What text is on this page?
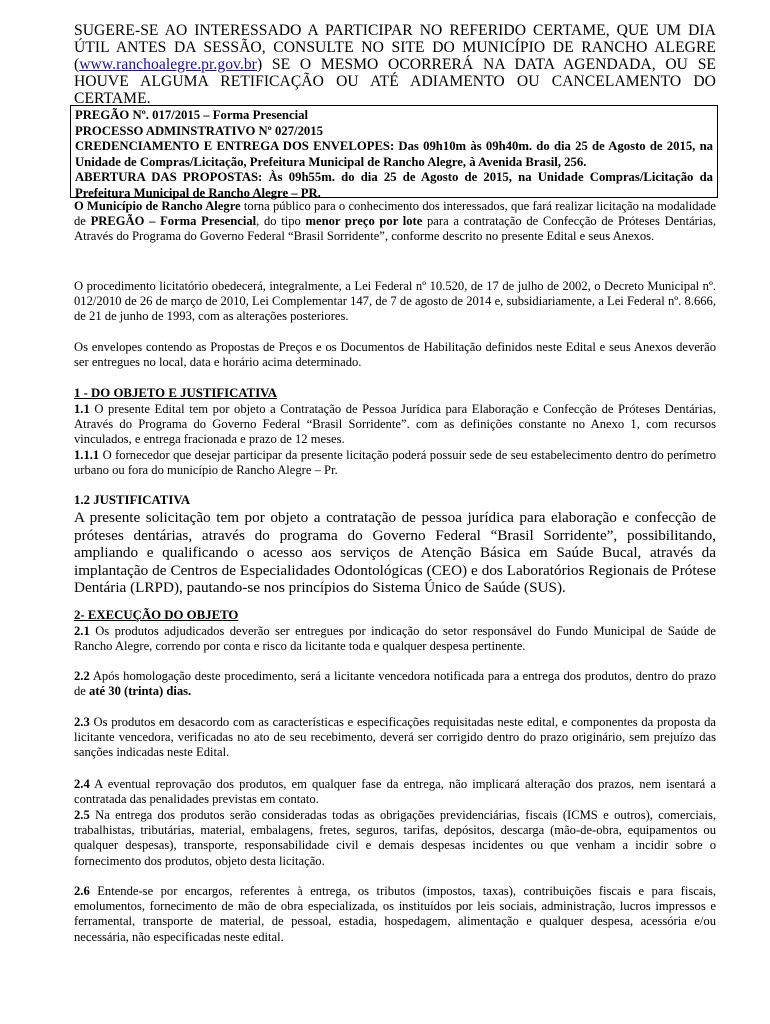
SUGERE-SE AO INTERESSADO A PARTICIPAR NO REFERIDO CERTAME, QUE UM DIA ÚTIL ANTES DA SESSÃO, CONSULTE NO SITE DO MUNICÍPIO DE RANCHO ALEGRE (www.ranchoalegre.pr.gov.br) SE O MESMO OCORRERÁ NA DATA AGENDADA, OU SE HOUVE ALGUMA RETIFICAÇÃO OU ATÉ ADIAMENTO OU CANCELAMENTO DO CERTAME.
PREGÃO Nº. 017/2015 – Forma Presencial
PROCESSO ADMINSTRATIVO Nº 027/2015
CREDENCIAMENTO E ENTREGA DOS ENVELOPES: Das 09h10m às 09h40m. do dia 25 de Agosto de 2015, na Unidade de Compras/Licitação, Prefeitura Municipal de Rancho Alegre, à Avenida Brasil, 256.
ABERTURA DAS PROPOSTAS: Às 09h55m. do dia 25 de Agosto de 2015, na Unidade Compras/Licitação da Prefeitura Municipal de Rancho Alegre – PR.
O Município de Rancho Alegre torna público para o conhecimento dos interessados, que fará realizar licitação na modalidade de PREGÃO – Forma Presencial, do tipo menor preço por lote para a contratação de Confecção de Próteses Dentárias, Através do Programa do Governo Federal “Brasil Sorridente”, conforme descrito no presente Edital e seus Anexos.
O procedimento licitatório obedecerá, integralmente, a Lei Federal nº 10.520, de 17 de julho de 2002, o Decreto Municipal nº. 012/2010 de 26 de março de 2010, Lei Complementar 147, de 7 de agosto de 2014 e, subsidiariamente, a Lei Federal nº. 8.666, de 21 de junho de 1993, com as alterações posteriores.
Os envelopes contendo as Propostas de Preços e os Documentos de Habilitação definidos neste Edital e seus Anexos deverão ser entregues no local, data e horário acima determinado.
1 - DO OBJETO E JUSTIFICATIVA
1.1 O presente Edital tem por objeto a Contratação de Pessoa Jurídica para Elaboração e Confecção de Próteses Dentárias, Através do Programa do Governo Federal “Brasil Sorridente”. com as definições constante no Anexo 1, com recursos vinculados, e entrega fracionada e prazo de 12 meses.
1.1.1 O fornecedor que desejar participar da presente licitação poderá possuir sede de seu estabelecimento dentro do perímetro urbano ou fora do município de Rancho Alegre – Pr.
1.2 JUSTIFICATIVA
A presente solicitação tem por objeto a contratação de pessoa jurídica para elaboração e confecção de próteses dentárias, através do programa do Governo Federal “Brasil Sorridente”, possibilitando, ampliando e qualificando o acesso aos serviços de Atenção Básica em Saúde Bucal, através da implantação de Centros de Especialidades Odontológicas (CEO) e dos Laboratórios Regionais de Prótese Dentária (LRPD), pautando-se nos princípios do Sistema Único de Saúde (SUS).
2- EXECUÇÃO DO OBJETO
2.1 Os produtos adjudicados deverão ser entregues por indicação do setor responsável do Fundo Municipal de Saúde de Rancho Alegre, correndo por conta e risco da licitante toda e qualquer despesa pertinente.
2.2 Após homologação deste procedimento, será a licitante vencedora notificada para a entrega dos produtos, dentro do prazo de até 30 (trinta) dias.
2.3 Os produtos em desacordo com as características e especificações requisitadas neste edital, e componentes da proposta da licitante vencedora, verificadas no ato de seu recebimento, deverá ser corrigido dentro do prazo originário, sem prejuízo das sanções indicadas neste Edital.
2.4 A eventual reprovação dos produtos, em qualquer fase da entrega, não implicará alteração dos prazos, nem isentará a contratada das penalidades previstas em contato.
2.5 Na entrega dos produtos serão consideradas todas as obrigações previdenciárias, fiscais (ICMS e outros), comerciais, trabalhistas, tributárias, material, embalagens, fretes, seguros, tarifas, depósitos, descarga (mão-de-obra, equipamentos ou qualquer despesas), transporte, responsabilidade civil e demais despesas incidentes ou que venham a incidir sobre o fornecimento dos produtos, objeto desta licitação.
2.6 Entende-se por encargos, referentes à entrega, os tributos (impostos, taxas), contribuições fiscais e para fiscais, emolumentos, fornecimento de mão de obra especializada, os instituídos por leis sociais, administração, lucros impressos e ferramental, transporte de material, de pessoal, estadia, hospedagem, alimentação e qualquer despesa, acessória e/ou necessária, não especificadas neste edital.
